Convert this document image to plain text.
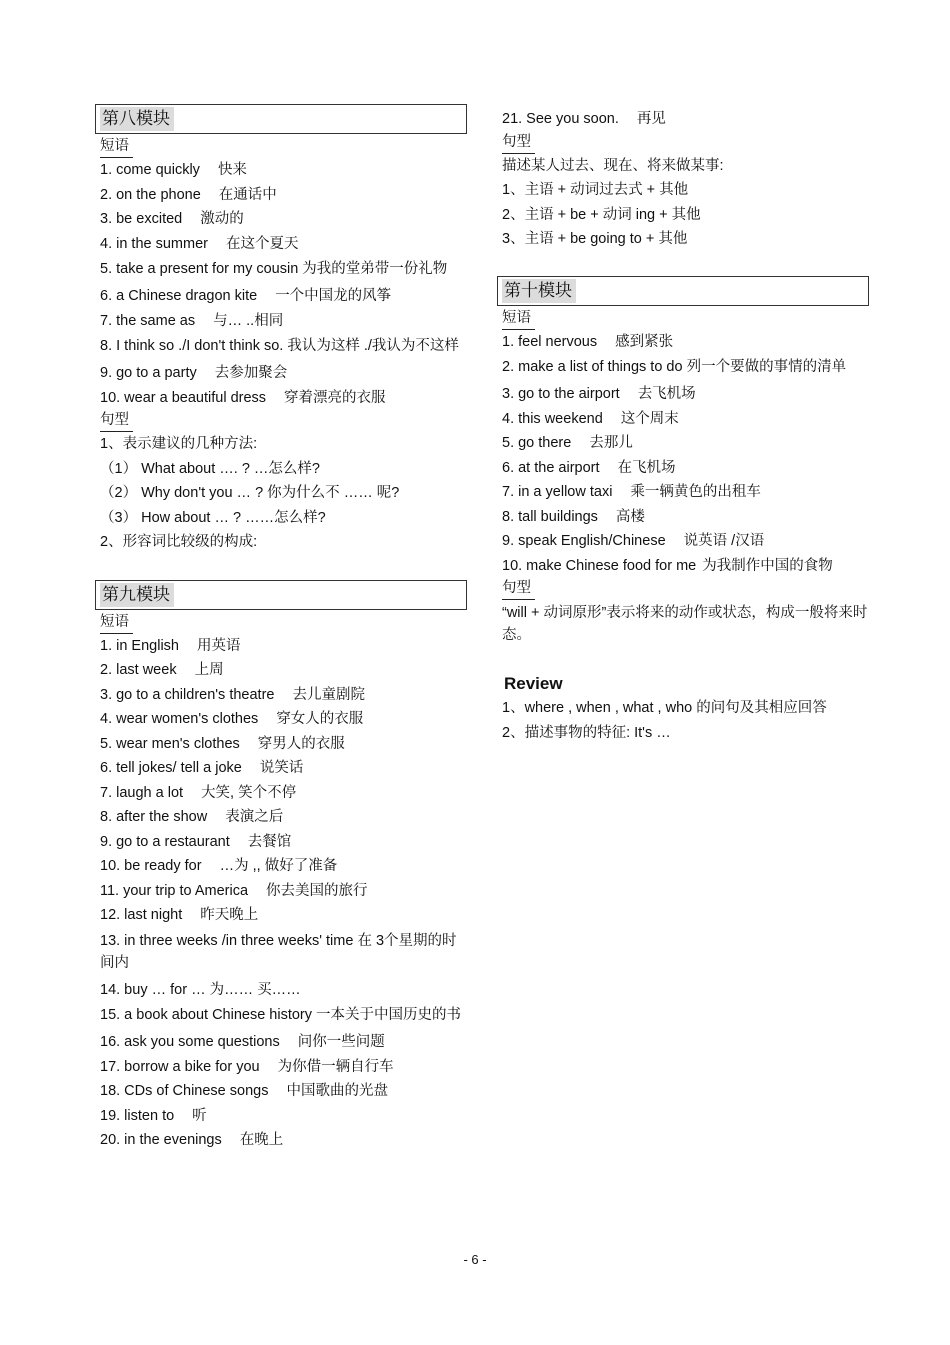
第八模块
短语
1. come quickly 快来
2. on the phone 在通话中
3. be excited 激动的
4. in the summer 在这个夏天
5. take a present for my cousin 为我的堂弟带一份礼物
6. a Chinese dragon kite 一个中国龙的风筝
7. the same as 与… ..相同
8. I think so ./I don't think so. 我认为这样 ./我认为不这样
9. go to a party 去参加聚会
10. wear a beautiful dress 穿着漂亮的衣服
句型
1、表示建议的几种方法:
（1） What about …. ? …怎么样?
（2） Why don't you … ? 你为什么不 …… 呢?
（3） How about … ? ……怎么样?
2、形容词比较级的构成:
第九模块
短语
1. in English 用英语
2. last week 上周
3. go to a children's theatre 去儿童剧院
4. wear women's clothes 穿女人的衣服
5. wear men's clothes 穿男人的衣服
6. tell jokes/ tell a joke 说笑话
7. laugh a lot 大笑, 笑个不停
8. after the show 表演之后
9. go to a restaurant 去餐馆
10. be ready for …为 ,, 做好了准备
11. your trip to America 你去美国的旅行
12. last night 昨天晚上
13. in three weeks /in three weeks' time 在 3个星期的时间内
14. buy … for … 为…… 买……
15. a book about Chinese history 一本关于中国历史的书
16. ask you some questions 问你一些问题
17. borrow a bike for you 为你借一辆自行车
18. CDs of Chinese songs 中国歌曲的光盘
19. listen to 听
20. in the evenings 在晚上
21. See you soon. 再见
句型
描述某人过去、现在、将来做某事:
1、主语 + 动词过去式 + 其他
2、主语 + be + 动词 ing + 其他
3、主语 + be going to + 其他
第十模块
短语
1. feel nervous 感到紧张
2. make a list of things to do 列一个要做的事情的清单
3. go to the airport 去飞机场
4. this weekend 这个周末
5. go there 去那儿
6. at the airport 在飞机场
7. in a yellow taxi 乘一辆黄色的出租车
8. tall buildings 高楼
9. speak English/Chinese 说英语 /汉语
10. make Chinese food for me 为我制作中国的食物
句型
“will + 动词原形”表示将来的动作或状态，构成一般将来时态。
Review
1、where , when , what , who 的问句及其相应回答
2、描述事物的特征: It's …
- 6 -
